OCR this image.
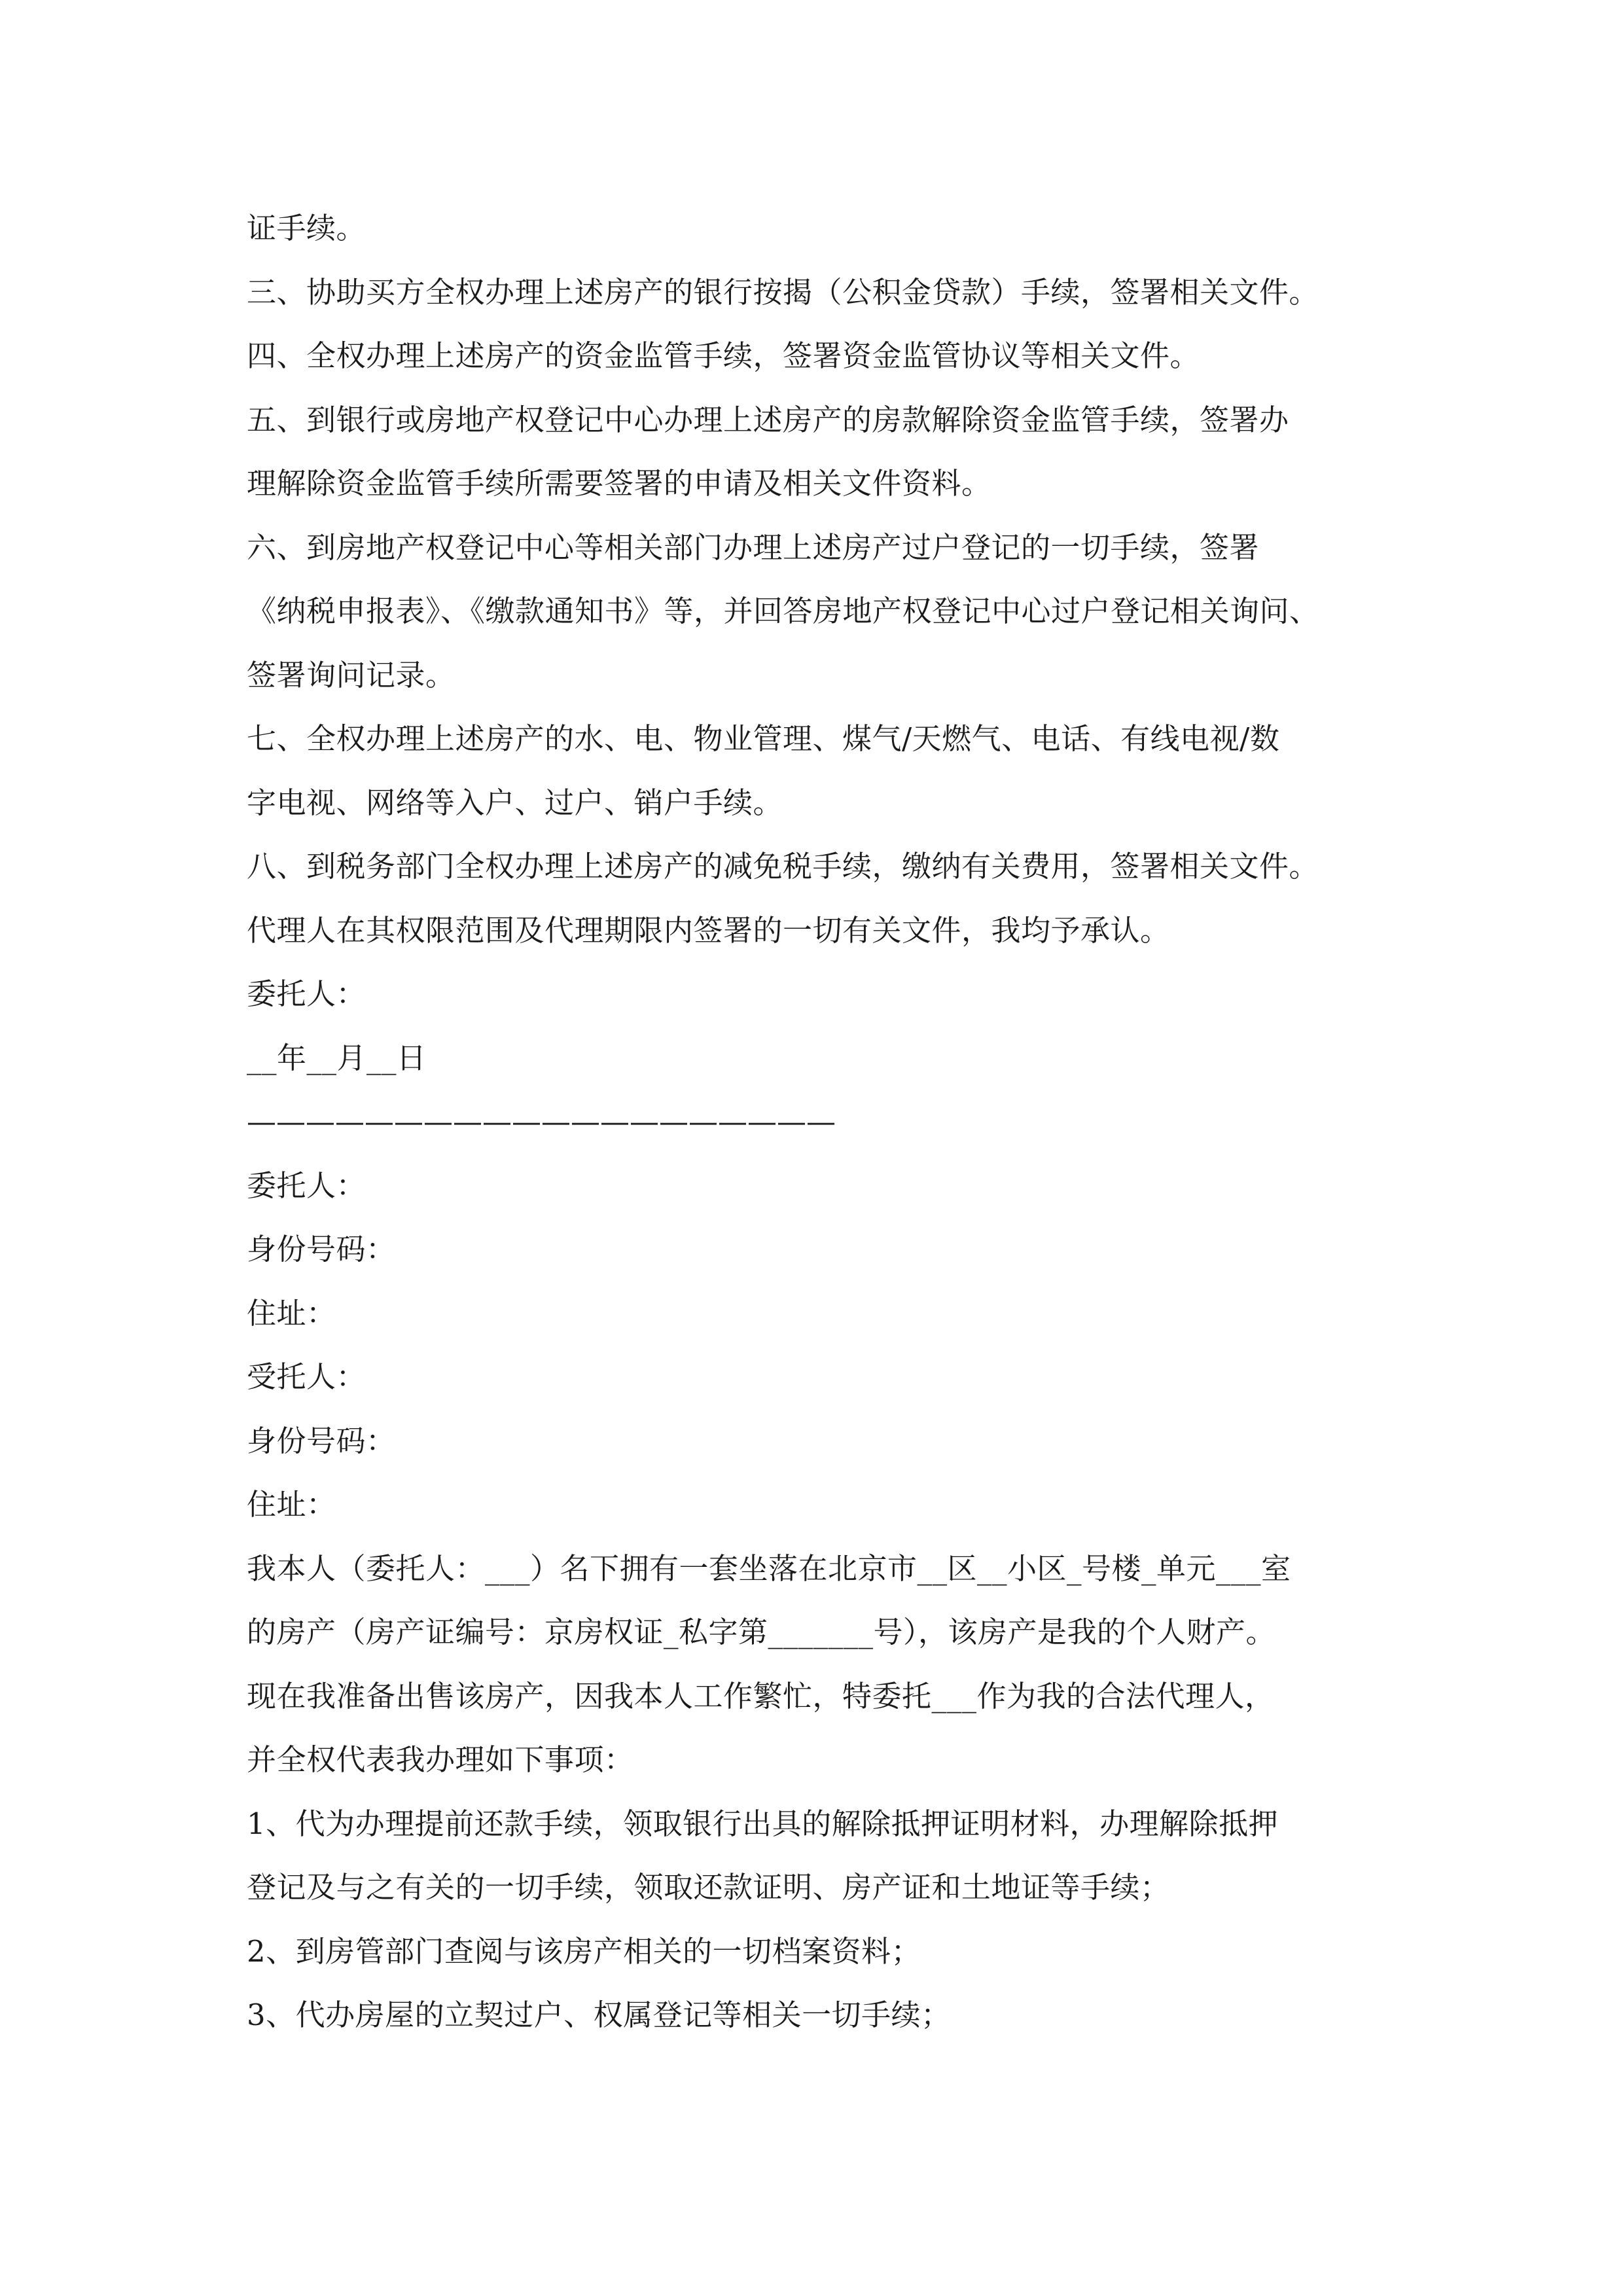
证手续。
三、协助买方全权办理上述房产的银行按揭（公积金贷款）手续，签署相关文件。
四、全权办理上述房产的资金监管手续，签署资金监管协议等相关文件。
五、到银行或房地产权登记中心办理上述房产的房款解除资金监管手续，签署办
理解除资金监管手续所需要签署的申请及相关文件资料。
六、到房地产权登记中心等相关部门办理上述房产过户登记的一切手续，签署
《纳税申报表》、《缴款通知书》等，并回答房地产权登记中心过户登记相关询问、
签署询问记录。
七、全权办理上述房产的水、电、物业管理、煤气/天燃气、电话、有线电视/数
字电视、网络等入户、过户、销户手续。
八、到税务部门全权办理上述房产的减免税手续，缴纳有关费用，签署相关文件。
代理人在其权限范围及代理期限内签署的一切有关文件，我均予承认。
委托人：
__年__月__日
————————————————————
委托人：
身份号码：
住址：
受托人：
身份号码：
住址：
我本人（委托人：___）名下拥有一套坐落在北京市__区__小区_号楼_单元___室
的房产（房产证编号：京房权证_私字第_______号），该房产是我的个人财产。
现在我准备出售该房产，因我本人工作繁忙，特委托___作为我的合法代理人，
并全权代表我办理如下事项：
1、代为办理提前还款手续，领取银行出具的解除抵押证明材料，办理解除抵押
登记及与之有关的一切手续，领取还款证明、房产证和土地证等手续；
2、到房管部门查阅与该房产相关的一切档案资料；
3、代办房屋的立契过户、权属登记等相关一切手续；
